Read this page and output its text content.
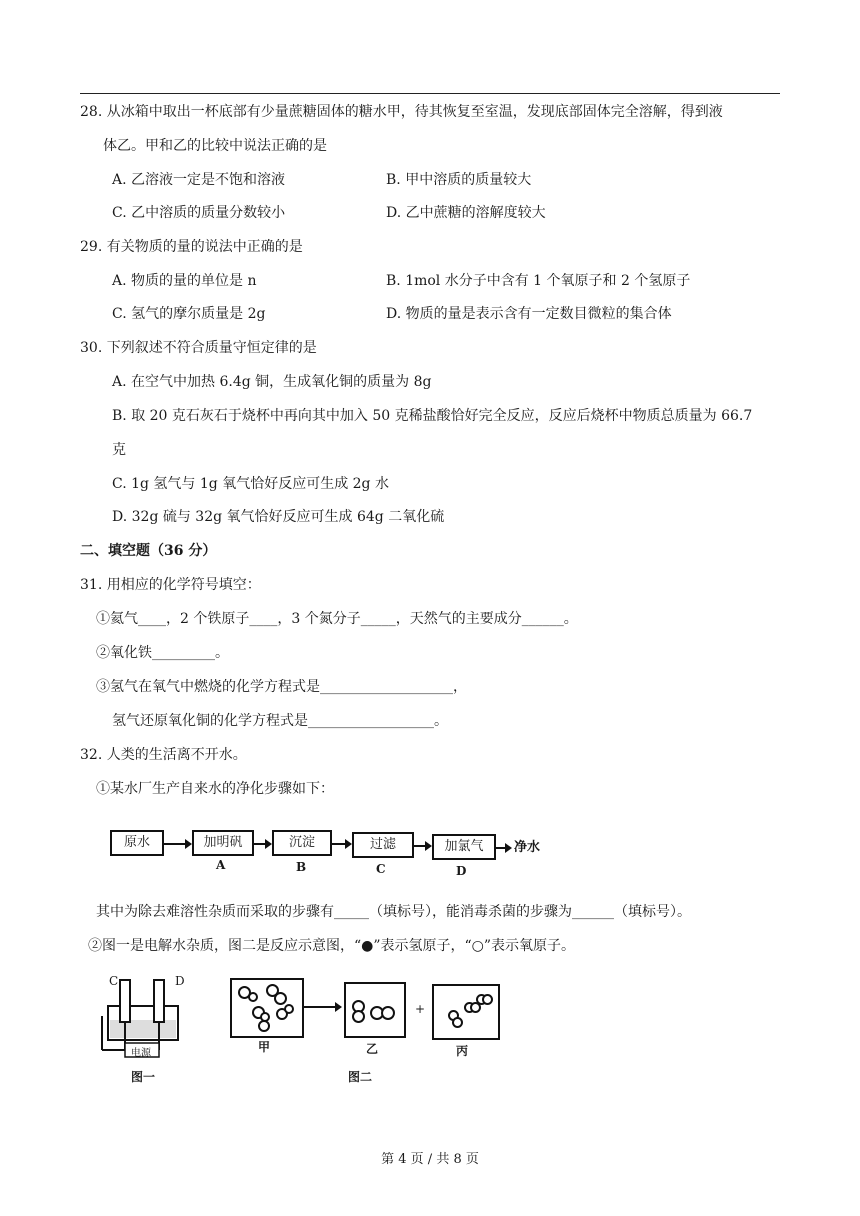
28. 从冰箱中取出一杯底部有少量蔗糖固体的糖水甲，待其恢复至室温，发现底部固体完全溶解，得到液
体乙。甲和乙的比较中说法正确的是
A. 乙溶液一定是不饱和溶液	B. 甲中溶质的质量较大
C. 乙中溶质的质量分数较小	D. 乙中蔗糖的溶解度较大
29. 有关物质的量的说法中正确的是
A. 物质的量的单位是 n	B. 1mol 水分子中含有 1 个氧原子和 2 个氢原子
C. 氢气的摩尔质量是 2g	D. 物质的量是表示含有一定数目微粒的集合体
30. 下列叙述不符合质量守恒定律的是
A. 在空气中加热 6.4g 铜，生成氧化铜的质量为 8g
B. 取 20 克石灰石于烧杯中再向其中加入 50 克稀盐酸恰好完全反应，反应后烧杯中物质总质量为 66.7
克
C. 1g 氢气与 1g 氧气恰好反应可生成 2g 水
D. 32g 硫与 32g 氧气恰好反应可生成 64g 二氧化硫
二、填空题（36 分）
31. 用相应的化学符号填空：
①氦气____，2 个铁原子____，3 个氮分子_____，天然气的主要成分______。
②氧化铁_________。
③氢气在氧气中燃烧的化学方程式是___________________，
氢气还原氧化铜的化学方程式是__________________。
32. 人类的生活离不开水。
①某水厂生产自来水的净化步骤如下：
原水	加明矾	沉淀	过滤	加氯气	净水
A	B	C	D
其中为除去难溶性杂质而采取的步骤有_____（填标号），能消毒杀菌的步骤为______（填标号）。
②图一是电解水杂质，图二是反应示意图，“●”表示氢原子，“○”表示氧原子。
C	D
电源
图一
+
甲	乙	丙
图二
第 4 页 / 共 8 页
